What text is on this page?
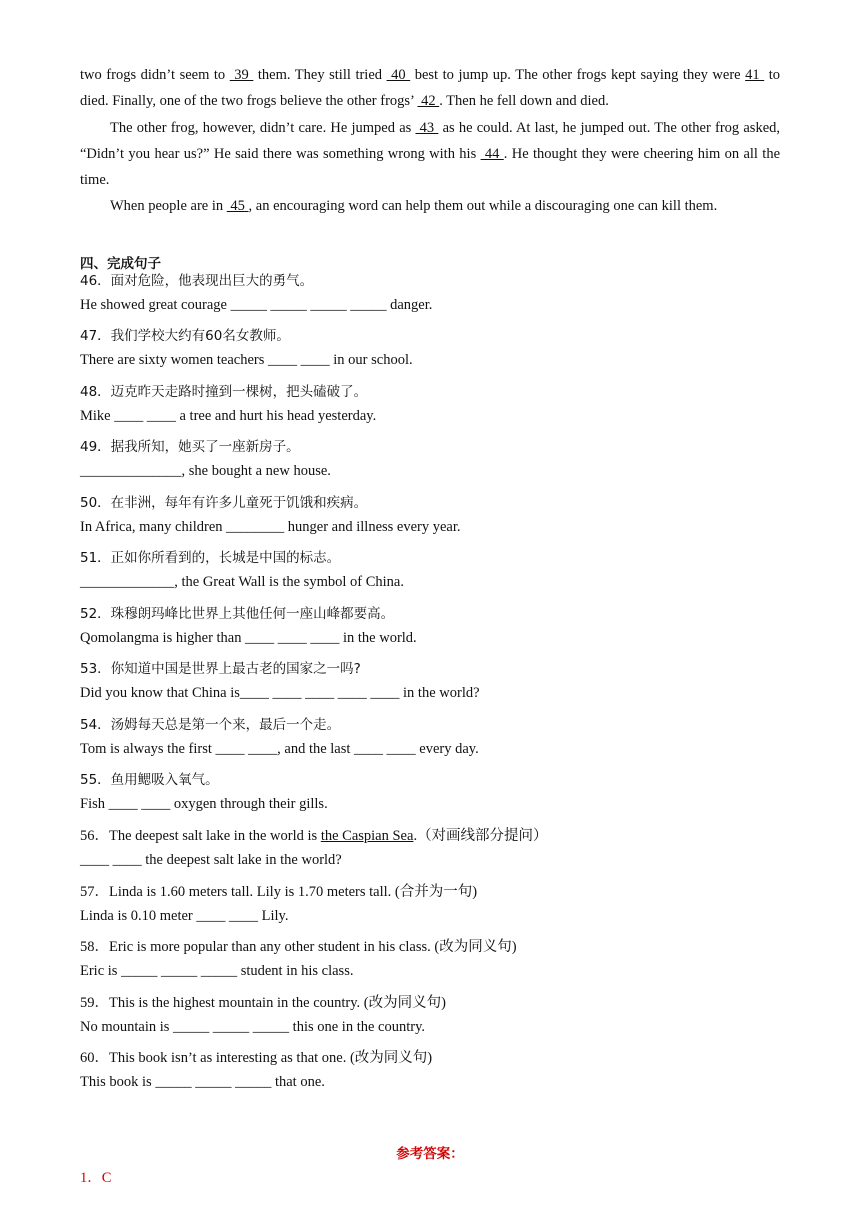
two frogs didn’t seem to  39  them. They still tried  40  best to jump up. The other frogs kept saying they were 41  to died. Finally, one of the two frogs believe the other frogs’  42 . Then he fell down and died.

The other frog, however, didn’t care. He jumped as  43  as he could. At last, he jumped out. The other frog asked, “Didn’t you hear us?” He said there was something wrong with his  44 . He thought they were cheering him on all the time.

When people are in  45 , an encouraging word can help them out while a discouraging one can kill them.

四、完成句子
46．面对危险，他表现出巨大的勇气。
He showed great courage _____ _____ _____ _____ danger.
47．我们学校大约有60名女教师。
There are sixty women teachers ____ ____ in our school.
48．迈克昨天走路时撞到一棵树，把头磕破了。
Mike ____ ____ a tree and hurt his head yesterday.
49．据我所知，她买了一座新房子。
______________, she bought a new house.
50．在非洲，每年有许多儿童死于饥饿和疾病。
In Africa, many children ________ hunger and illness every year.
51．正如你所看到的，长城是中国的标志。
_____________, the Great Wall is the symbol of China.
52．珠穆朗玛峰比世界上其他任何一座山峰都要高。
Qomolangma is higher than ____ ____ ____ in the world.
53．你知道中国是世界上最古老的国家之一吗?
Did you know that China is____ ____ ____ ____ ____ in the world?
54．汤姆每天总是第一个来，最后一个走。
Tom is always the first ____ ____, and the last ____ ____ every day.
55．鱼用鳃吸入氧气。
Fish ____ ____ oxygen through their gills.
56．The deepest salt lake in the world is the Caspian Sea.（对画线部分提问）
____ ____ the deepest salt lake in the world?
57．Linda is 1.60 meters tall. Lily is 1.70 meters tall. (合并为一句)
Linda is 0.10 meter ____ ____ Lily.
58．Eric is more popular than any other student in his class. (改为同义句)
Eric is _____ _____ _____ student in his class.
59．This is the highest mountain in the country. (改为同义句)
No mountain is _____ _____ _____ this one in the country.
60．This book isn’t as interesting as that one. (改为同义句)
This book is _____ _____ _____ that one.
参考答案：
1．C
